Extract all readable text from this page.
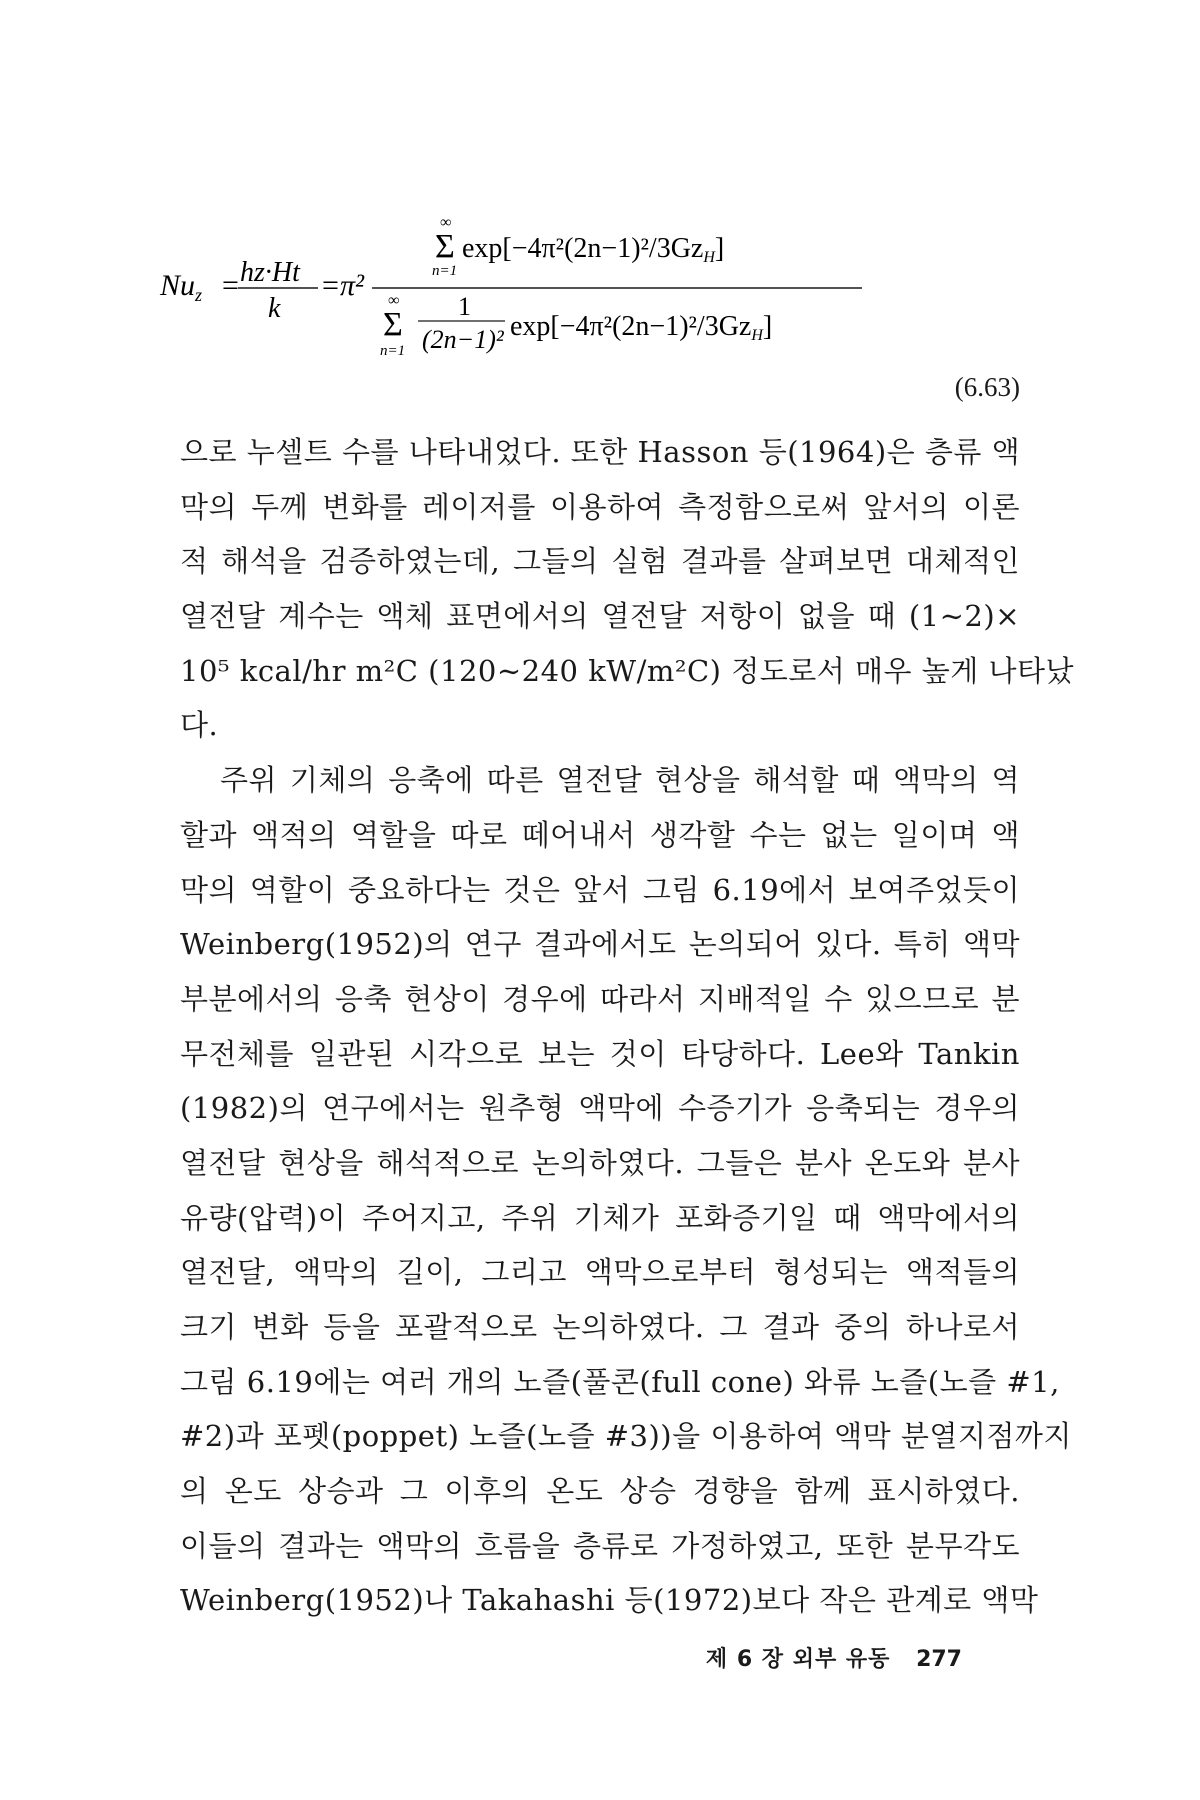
$Nu_z = hz\cdot Ht$
k
= π²
∞
Σ
n=1
exp[−4π²(2n−1)²/3GzH]
∞
Σ
n=1
1
(2n−1)² exp[−4π²(2n−1)²/3GzH]
(6.63)
으로 누셀트 수를 나타내었다. 또한 Hasson 등(1964)은 층류 액
막의 두께 변화를 레이저를 이용하여 측정함으로써 앞서의 이론
적 해석을 검증하였는데, 그들의 실험 결과를 살펴보면 대체적인
열전달 계수는 액체 표면에서의 열전달 저항이 없을 때 (1∼2)×
10⁵ kcal/hr m²C (120∼240 kW/m²C) 정도로서 매우 높게 나타났
다.
주위 기체의 응축에 따른 열전달 현상을 해석할 때 액막의 역
할과 액적의 역할을 따로 떼어내서 생각할 수는 없는 일이며 액
막의 역할이 중요하다는 것은 앞서 그림 6.19에서 보여주었듯이
Weinberg(1952)의 연구 결과에서도 논의되어 있다. 특히 액막
부분에서의 응축 현상이 경우에 따라서 지배적일 수 있으므로 분
무전체를 일관된 시각으로 보는 것이 타당하다. Lee와 Tankin
(1982)의 연구에서는 원추형 액막에 수증기가 응축되는 경우의
열전달 현상을 해석적으로 논의하였다. 그들은 분사 온도와 분사
유량(압력)이 주어지고, 주위 기체가 포화증기일 때 액막에서의
열전달, 액막의 길이, 그리고 액막으로부터 형성되는 액적들의
크기 변화 등을 포괄적으로 논의하였다. 그 결과 중의 하나로서
그림 6.19에는 여러 개의 노즐(풀콘(full cone) 와류 노즐(노즐 #1,
#2)과 포펫(poppet) 노즐(노즐 #3))을 이용하여 액막 분열지점까지
의 온도 상승과 그 이후의 온도 상승 경향을 함께 표시하였다.
이들의 결과는 액막의 흐름을 층류로 가정하였고, 또한 분무각도
Weinberg(1952)나 Takahashi 등(1972)보다 작은 관계로 액막
제 6 장 외부 유동 277
